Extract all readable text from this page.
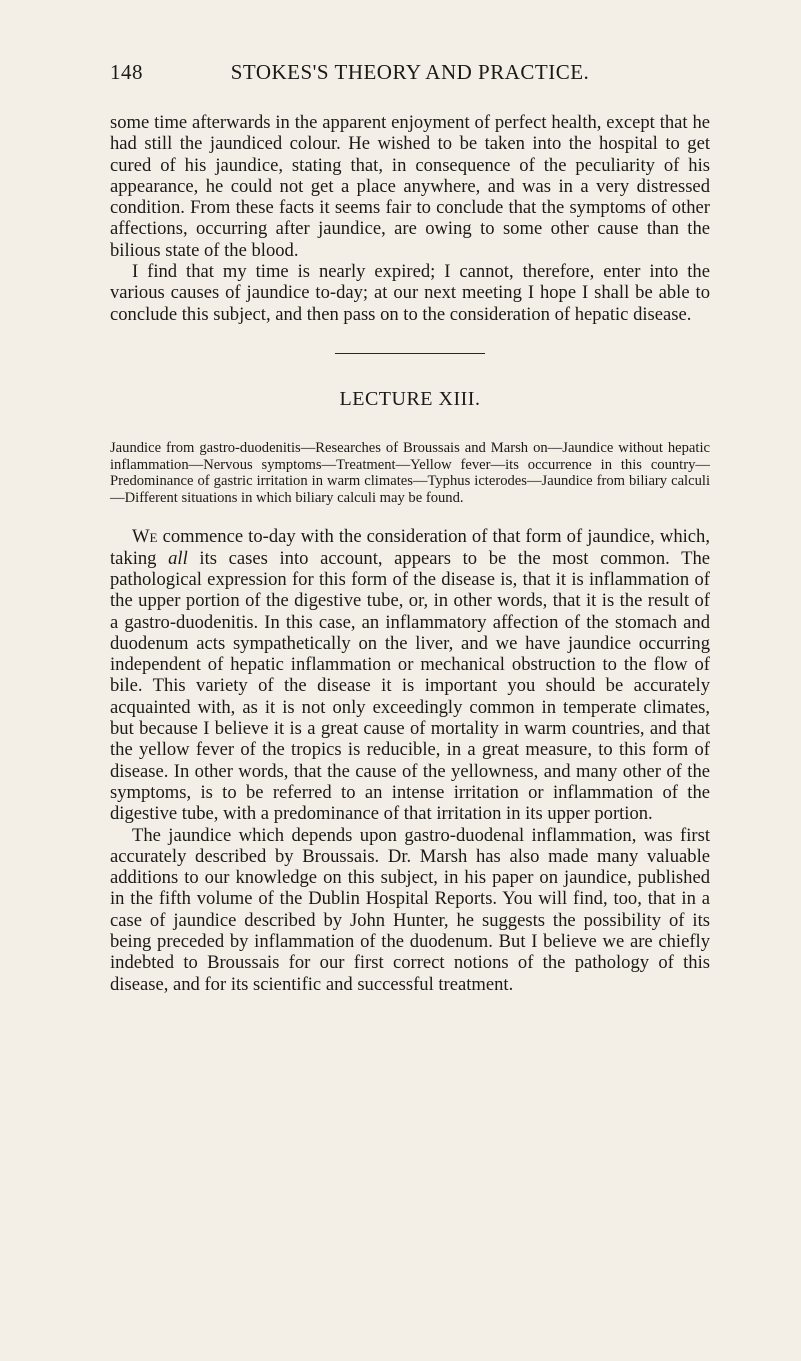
148	STOKES'S THEORY AND PRACTICE.

some time afterwards in the apparent enjoyment of perfect health, except that he had still the jaundiced colour. He wished to be taken into the hospital to get cured of his jaundice, stating that, in consequence of the peculiarity of his appearance, he could not get a place anywhere, and was in a very distressed condition. From these facts it seems fair to conclude that the symptoms of other affections, occurring after jaundice, are owing to some other cause than the bilious state of the blood.

I find that my time is nearly expired; I cannot, therefore, enter into the various causes of jaundice to-day; at our next meeting I hope I shall be able to conclude this subject, and then pass on to the consideration of hepatic disease.

LECTURE XIII.

Jaundice from gastro-duodenitis—Researches of Broussais and Marsh on—Jaundice without hepatic inflammation—Nervous symptoms—Treatment—Yellow fever—its occurrence in this country—Predominance of gastric irritation in warm climates—Typhus icterodes—Jaundice from biliary calculi—Different situations in which biliary calculi may be found.

We commence to-day with the consideration of that form of jaundice, which, taking all its cases into account, appears to be the most common. The pathological expression for this form of the disease is, that it is inflammation of the upper portion of the digestive tube, or, in other words, that it is the result of a gastro-duodenitis. In this case, an inflammatory affection of the stomach and duodenum acts sympathetically on the liver, and we have jaundice occurring independent of hepatic inflammation or mechanical obstruction to the flow of bile. This variety of the disease it is important you should be accurately acquainted with, as it is not only exceedingly common in temperate climates, but because I believe it is a great cause of mortality in warm countries, and that the yellow fever of the tropics is reducible, in a great measure, to this form of disease. In other words, that the cause of the yellowness, and many other of the symptoms, is to be referred to an intense irritation or inflammation of the digestive tube, with a predominance of that irritation in its upper portion.

The jaundice which depends upon gastro-duodenal inflammation, was first accurately described by Broussais. Dr. Marsh has also made many valuable additions to our knowledge on this subject, in his paper on jaundice, published in the fifth volume of the Dublin Hospital Reports. You will find, too, that in a case of jaundice described by John Hunter, he suggests the possibility of its being preceded by inflammation of the duodenum. But I believe we are chiefly indebted to Broussais for our first correct notions of the pathology of this disease, and for its scientific and successful treatment.
